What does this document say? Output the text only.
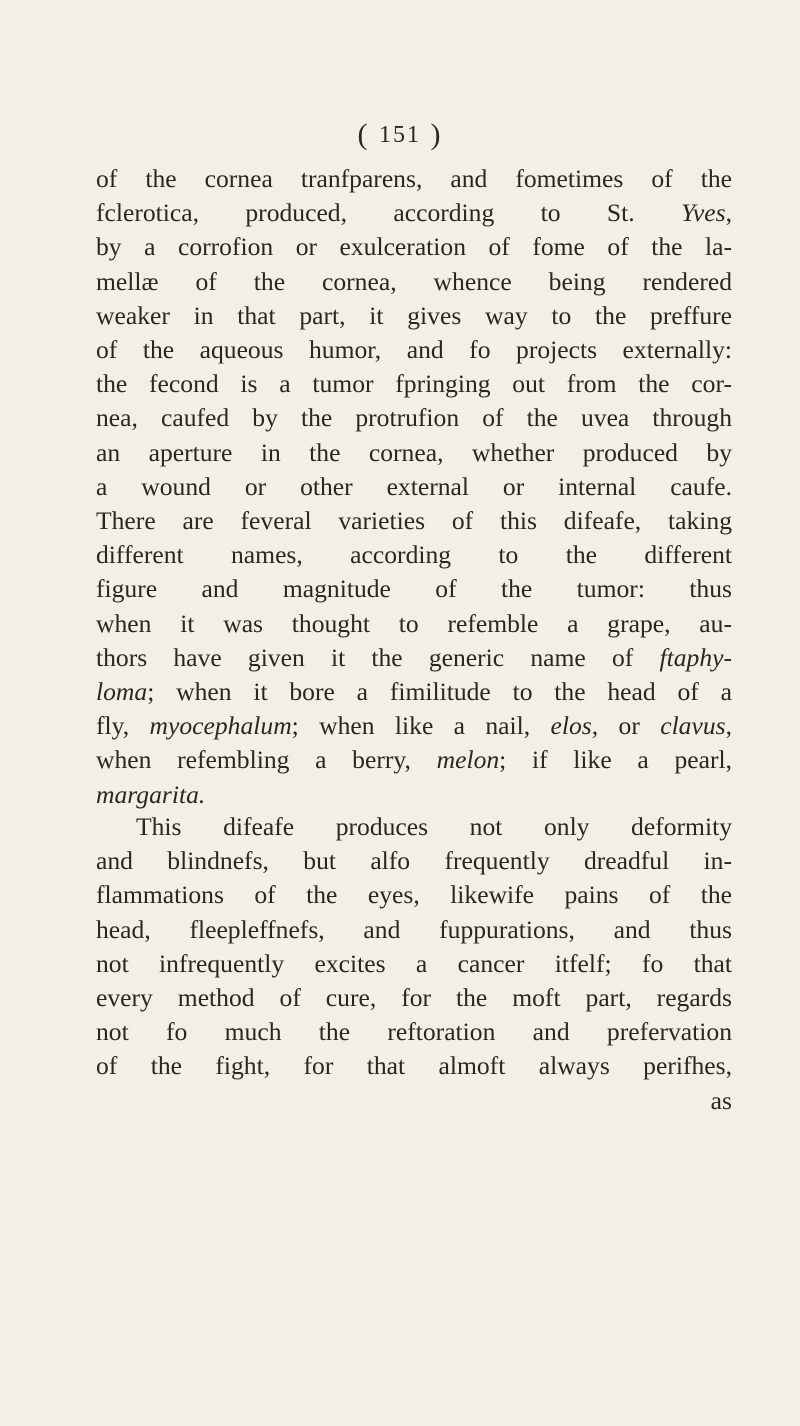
( 151 )
of the cornea tranfparens, and fometimes of the
fclerotica, produced, according to St. Yves,
by a corrofion or exulceration of fome of the la-
mellæ of the cornea, whence being rendered
weaker in that part, it gives way to the preffure
of the aqueous humor, and fo projects externally:
the fecond is a tumor fpringing out from the cor-
nea, caufed by the protrufion of the uvea through
an aperture in the cornea, whether produced by
a wound or other external or internal caufe.
There are feveral varieties of this difeafe, taking
different names, according to the different
figure and magnitude of the tumor: thus
when it was thought to refemble a grape, au-
thors have given it the generic name of ftaphy-
loma; when it bore a fimilitude to the head of a
fly, myocephalum; when like a nail, elos, or clavus,
when refembling a berry, melon; if like a pearl,
margarita.
This difeafe produces not only deformity
and blindnefs, but alfo frequently dreadful in-
flammations of the eyes, likewife pains of the
head, fleepleffnefs, and fuppurations, and thus
not infrequently excites a cancer itfelf; fo that
every method of cure, for the moft part, regards
not fo much the reftoration and prefervation
of the fight, for that almoft always perifhes,
as
